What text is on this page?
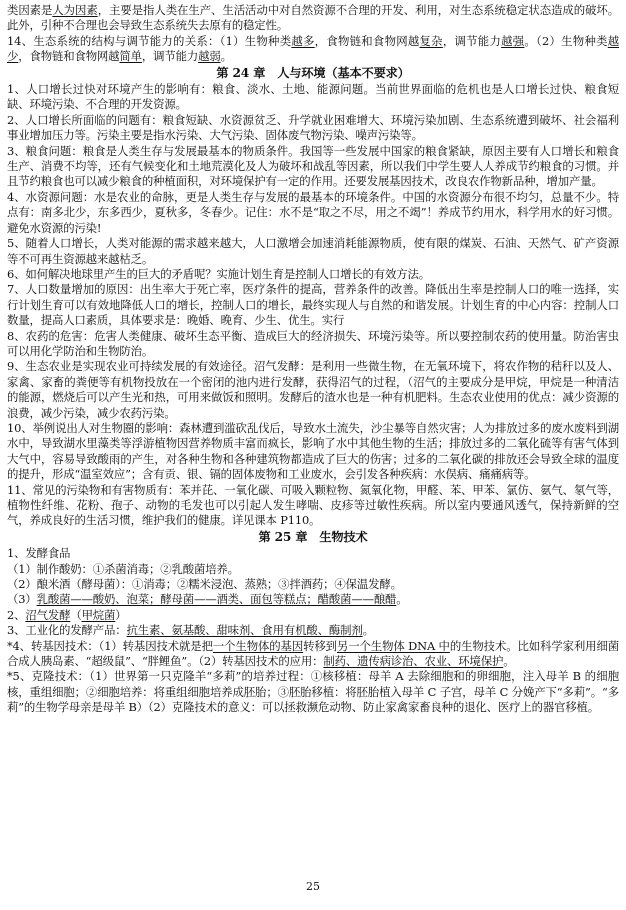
类因素是人为因素，主要是指人类在生产、生活活动中对自然资源不合理的开发、利用，对生态系统稳定状态造成的破坏。此外，引种不合理也会导致生态系统失去原有的稳定性。

14、生态系统的结构与调节能力的关系：（1）生物种类越多，食物链和食物网越复杂，调节能力越强。（2）生物种类越少，食物链和食物网越简单，调节能力越弱。

第 24 章　人与环境（基本不要求）

1、人口增长过快对环境产生的影响有：粮食、淡水、土地、能源问题。当前世界面临的危机也是人口增长过快、粮食短缺、环境污染、不合理的开发资源。

2、人口增长所面临的问题有：粮食短缺、水资源贫乏、升学就业困难增大、环境污染加剧、生态系统遭到破坏、社会福利事业增加压力等。污染主要是指水污染、大气污染、固体废气物污染、噪声污染等。

3、粮食问题：粮食是人类生存与发展最基本的物质条件。我国等一些发展中国家的粮食紧缺，原因主要有人口增长和粮食生产、消费不均等，还有气候变化和土地荒漠化及人为破坏和战乱等因素，所以我们中学生要人人养成节约粮食的习惯。并且节约粮食也可以减少粮食的种植面积，对环境保护有一定的作用。还要发展基因技术，改良农作物新品种，增加产量。

4、水资源问题：水是农业的命脉，更是人类生存与发展的最基本的环境条件。中国的水资源分布很不均匀，总量不少。特点有：南多北少，东多西少，夏秋多，冬春少。记住：水不是“取之不尽，用之不竭”！养成节约用水，科学用水的好习惯。避免水资源的污染!

5、随着人口增长，人类对能源的需求越来越大，人口激增会加速消耗能源物质，使有限的煤炭、石油、天然气、矿产资源等不可再生资源越来越枯乏。

6、如何解决地球里产生的巨大的矛盾呢？实施计划生育是控制人口增长的有效方法。

7、人口数量增加的原因：出生率大于死亡率，医疗条件的提高，营养条件的改善。降低出生率是控制人口的唯一选择，实行计划生育可以有效地降低人口的增长，控制人口的增长，最终实现人与自然的和谐发展。计划生育的中心内容：控制人口数量，提高人口素质，具体要求是：晚婚、晚育、少生、优生。实行

8、农药的危害：危害人类健康、破坏生态平衡、造成巨大的经济损失、环境污染等。所以要控制农药的使用量。防治害虫可以用化学防治和生物防治。

9、生态农业是实现农业可持续发展的有效途径。沼气发酵：是利用一些微生物，在无氧环境下，将农作物的秸秆以及人、家禽、家畜的粪便等有机物投放在一个密闭的池内进行发酵，获得沼气的过程，（沼气的主要成分是甲烷，甲烷是一种清洁的能源，燃烧后可以产生光和热，可用来做饭和照明。发酵后的渣水也是一种有机肥料。生态农业使用的优点：减少资源的浪费，减少污染，减少农药污染。

10、举例说出人对生物圈的影响：森林遭到滥砍乱伐后，导致水土流失，沙尘暴等自然灾害；人为排放过多的废水废料到湖水中，导致湖水里藻类等浮游植物因营养物质丰富而疯长，影响了水中其他生物的生活；排放过多的二氧化硫等有害气体到大气中，容易导致酸雨的产生，对各种生物和各种建筑物都造成了巨大的伤害；过多的二氧化碳的排放还会导致全球的温度的提升，形成“温室效应”；含有贡、银、镉的固体废物和工业废水，会引发各种疾病：水俣病、痛痛病等。

11、常见的污染物和有害物质有：苯并芘、一氧化碳、可吸入颗粒物、氮氧化物，甲醛、苯、甲苯、氯仿、氨气、氡气等，植物性纤维、花粉、孢子、动物的毛发也可以引起人发生哮喘、皮疹等过敏性疾病。所以室内要通风透气，保持新鲜的空气，养成良好的生活习惯，维护我们的健康。详见课本 P110。

第 25 章　生物技术

1、发酵食品

（1）制作酸奶：①杀菌消毒；②乳酸菌培养。

（2）酿米酒（酵母菌）：①消毒；②糯米浸泡、蒸熟；③拌酒药；④保温发酵。

（3）乳酸菌——酸奶、泡菜；酵母菌——酒类、面包等糕点；醋酸菌——酿醋。

2、沼气发酵（甲烷菌）

3、工业化的发酵产品：抗生素、氨基酸、甜味剂、食用有机酸、酶制剂。

*4、转基因技术：（1）转基因技术就是把一个生物体的基因转移到另一个生物体 DNA 中的生物技术。比如科学家利用细菌合成人胰岛素、“超级鼠”、“胖鲤鱼”。（2）转基因技术的应用：制药、遗传病诊治、农业、环境保护。

*5、克隆技术：（1）世界第一只克隆羊“多莉”的培养过程：①核移植：母羊 A 去除细胞和的卵细胞，注入母羊 B 的细胞核，重组细胞；②细胞培养：将重组细胞培养成胚胎；③胚胎移植：将胚胎植入母羊 C 子宫，母羊 C 分娩产下“多莉”。“多莉”的生物学母亲是母羊 B）（2）克隆技术的意义：可以拯救濒危动物、防止家禽家畜良种的退化、医疗上的器官移植。

25
